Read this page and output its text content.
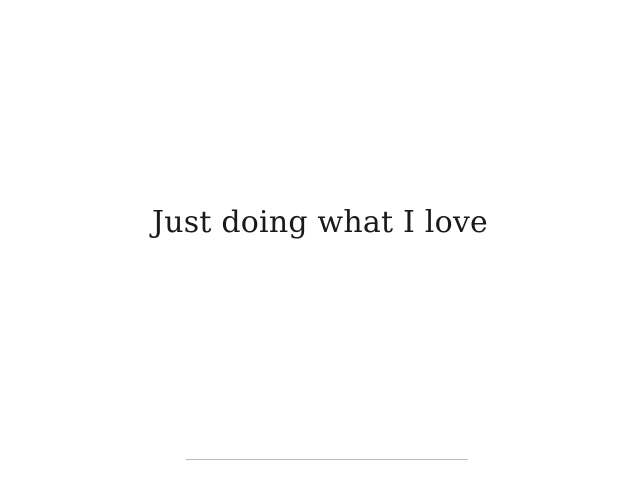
Just doing what I love
